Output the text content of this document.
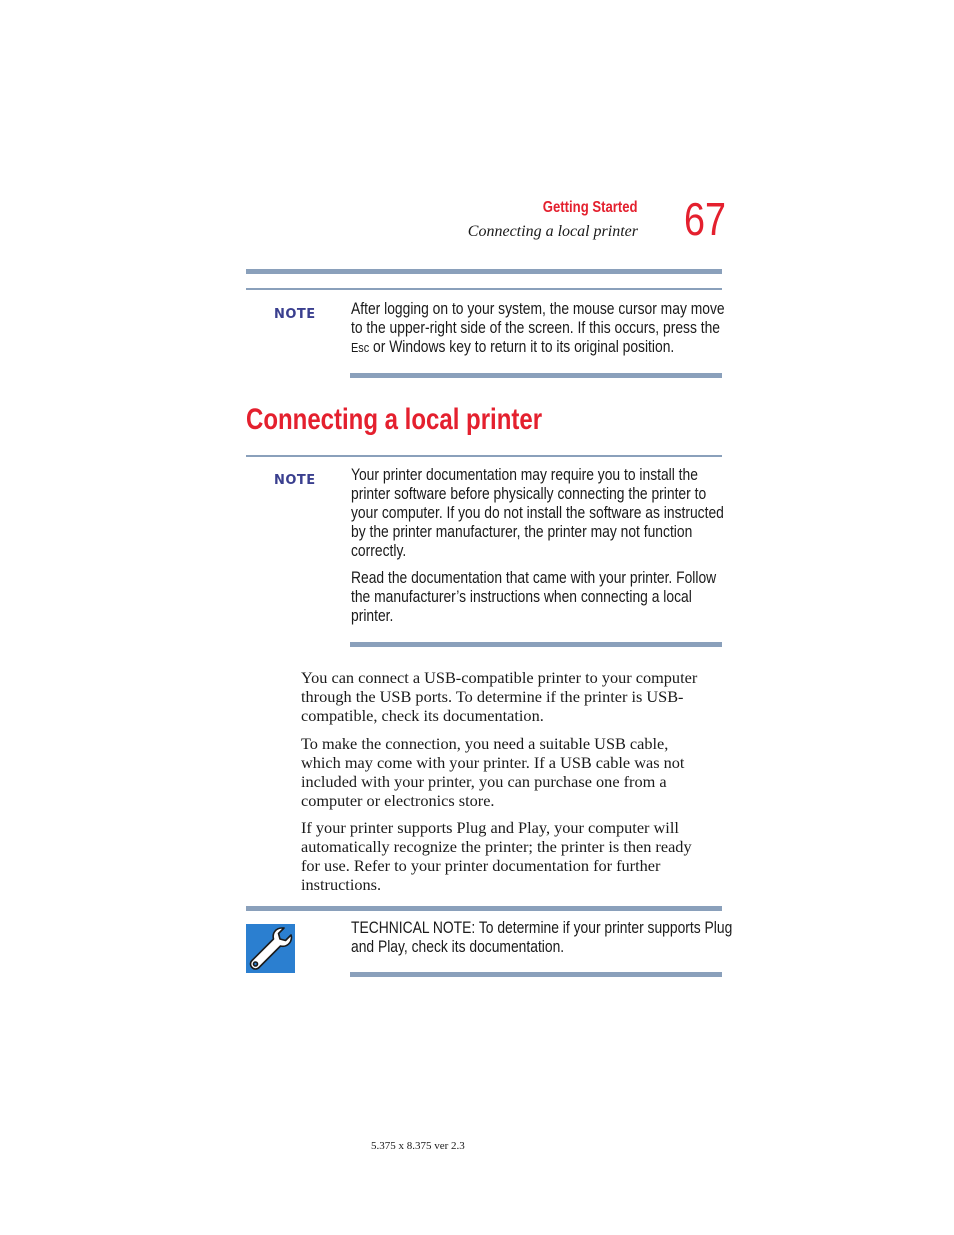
Getting Started
Connecting a local printer 67
NOTE After logging on to your system, the mouse cursor may move
to the upper-right side of the screen. If this occurs, press the
Esc or Windows key to return it to its original position.
Connecting a local printer
NOTE Your printer documentation may require you to install the
printer software before physically connecting the printer to
your computer. If you do not install the software as instructed
by the printer manufacturer, the printer may not function
correctly.
Read the documentation that came with your printer. Follow
the manufacturer’s instructions when connecting a local
printer.
You can connect a USB-compatible printer to your computer
through the USB ports. To determine if the printer is USB-
compatible, check its documentation.
To make the connection, you need a suitable USB cable,
which may come with your printer. If a USB cable was not
included with your printer, you can purchase one from a
computer or electronics store.
If your printer supports Plug and Play, your computer will
automatically recognize the printer; the printer is then ready
for use. Refer to your printer documentation for further
instructions.
TECHNICAL NOTE: To determine if your printer supports Plug
and Play, check its documentation.
5.375 x 8.375 ver 2.3
